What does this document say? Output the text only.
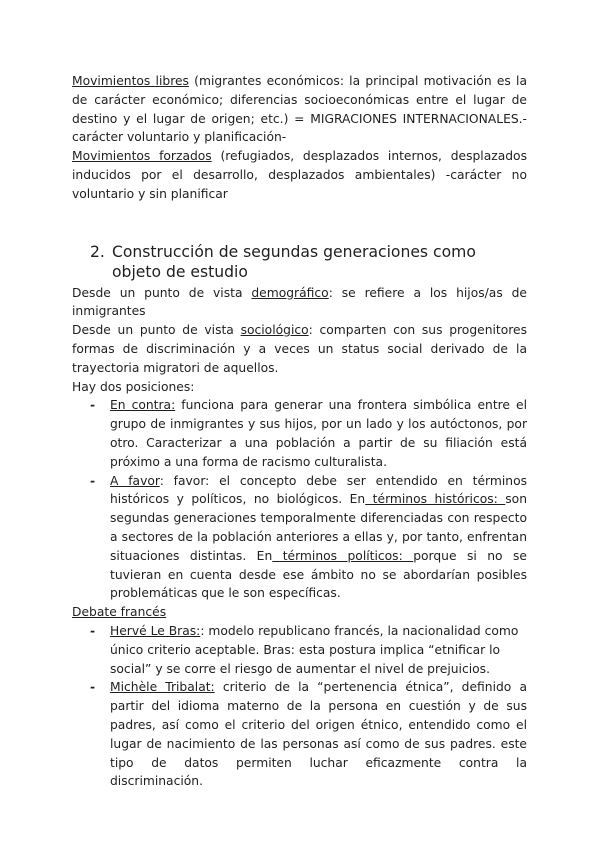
Movimientos libres (migrantes económicos: la principal motivación es la de carácter económico; diferencias socioeconómicas entre el lugar de destino y el lugar de origen; etc.) = MIGRACIONES INTERNACIONALES.- carácter voluntario y planificación-

Movimientos forzados (refugiados, desplazados internos, desplazados inducidos por el desarrollo, desplazados ambientales) -carácter no voluntario y sin planificar

2. Construcción de segundas generaciones como objeto de estudio

Desde un punto de vista demográfico: se refiere a los hijos/as de inmigrantes

Desde un punto de vista sociológico: comparten con sus progenitores formas de discriminación y a veces un status social derivado de la trayectoria migratori de aquellos.

Hay dos posiciones:

-	En contra: funciona para generar una frontera simbólica entre el grupo de inmigrantes y sus hijos, por un lado y los autóctonos, por otro. Caracterizar a una población a partir de su filiación está próximo a una forma de racismo culturalista.
-	A favor: favor: el concepto debe ser entendido en términos históricos y políticos, no biológicos. En términos históricos: son segundas generaciones temporalmente diferenciadas con respecto a sectores de la población anteriores a ellas y, por tanto, enfrentan situaciones distintas. En términos políticos: porque si no se tuvieran en cuenta desde ese ámbito no se abordarían posibles problemáticas que le son específicas.

Debate francés

-	Hervé Le Bras:: modelo republicano francés, la nacionalidad como único criterio aceptable. Bras: esta postura implica “etnificar lo social” y se corre el riesgo de aumentar el nivel de prejuicios.
-	Michèle Tribalat: criterio de la “pertenencia étnica”, definido a partir del idioma materno de la persona en cuestión y de sus padres, así como el criterio del origen étnico, entendido como el lugar de nacimiento de las personas así como de sus padres. este tipo de datos permiten luchar eficazmente contra la discriminación.
